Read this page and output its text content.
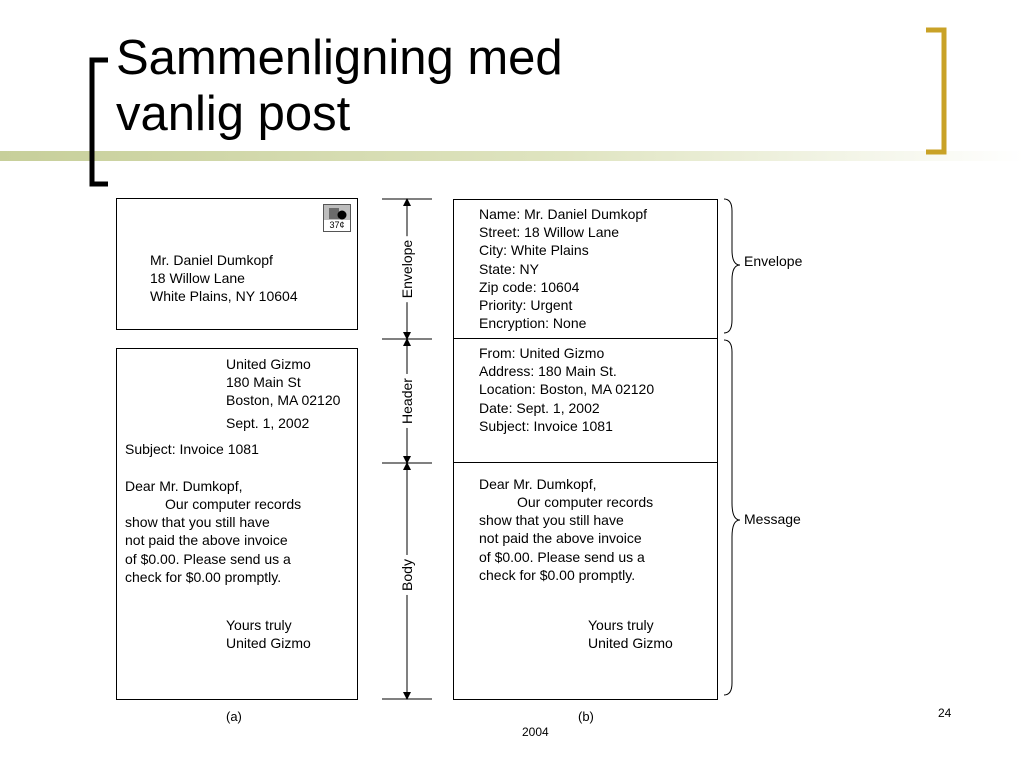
Sammenligning med
vanlig post
37¢
Mr. Daniel Dumkopf
18 Willow Lane
White Plains, NY 10604
United Gizmo
180 Main St
Boston, MA 02120
Sept. 1, 2002
Subject: Invoice 1081
Dear Mr. Dumkopf,
Our computer records
show that you still have
not paid the above invoice
of $0.00. Please send us a
check for $0.00 promptly.
Yours truly
United Gizmo
(a)
Envelope
Header
Body
Name: Mr. Daniel Dumkopf
Street: 18 Willow Lane
City: White Plains
State: NY
Zip code: 10604
Priority: Urgent
Encryption: None
From: United Gizmo
Address: 180 Main St.
Location: Boston, MA 02120
Date: Sept. 1, 2002
Subject: Invoice 1081
Dear Mr. Dumkopf,
Our computer records
show that you still have
not paid the above invoice
of $0.00. Please send us a
check for $0.00 promptly.
Yours truly
United Gizmo
(b)
Envelope
Message
24
2004
